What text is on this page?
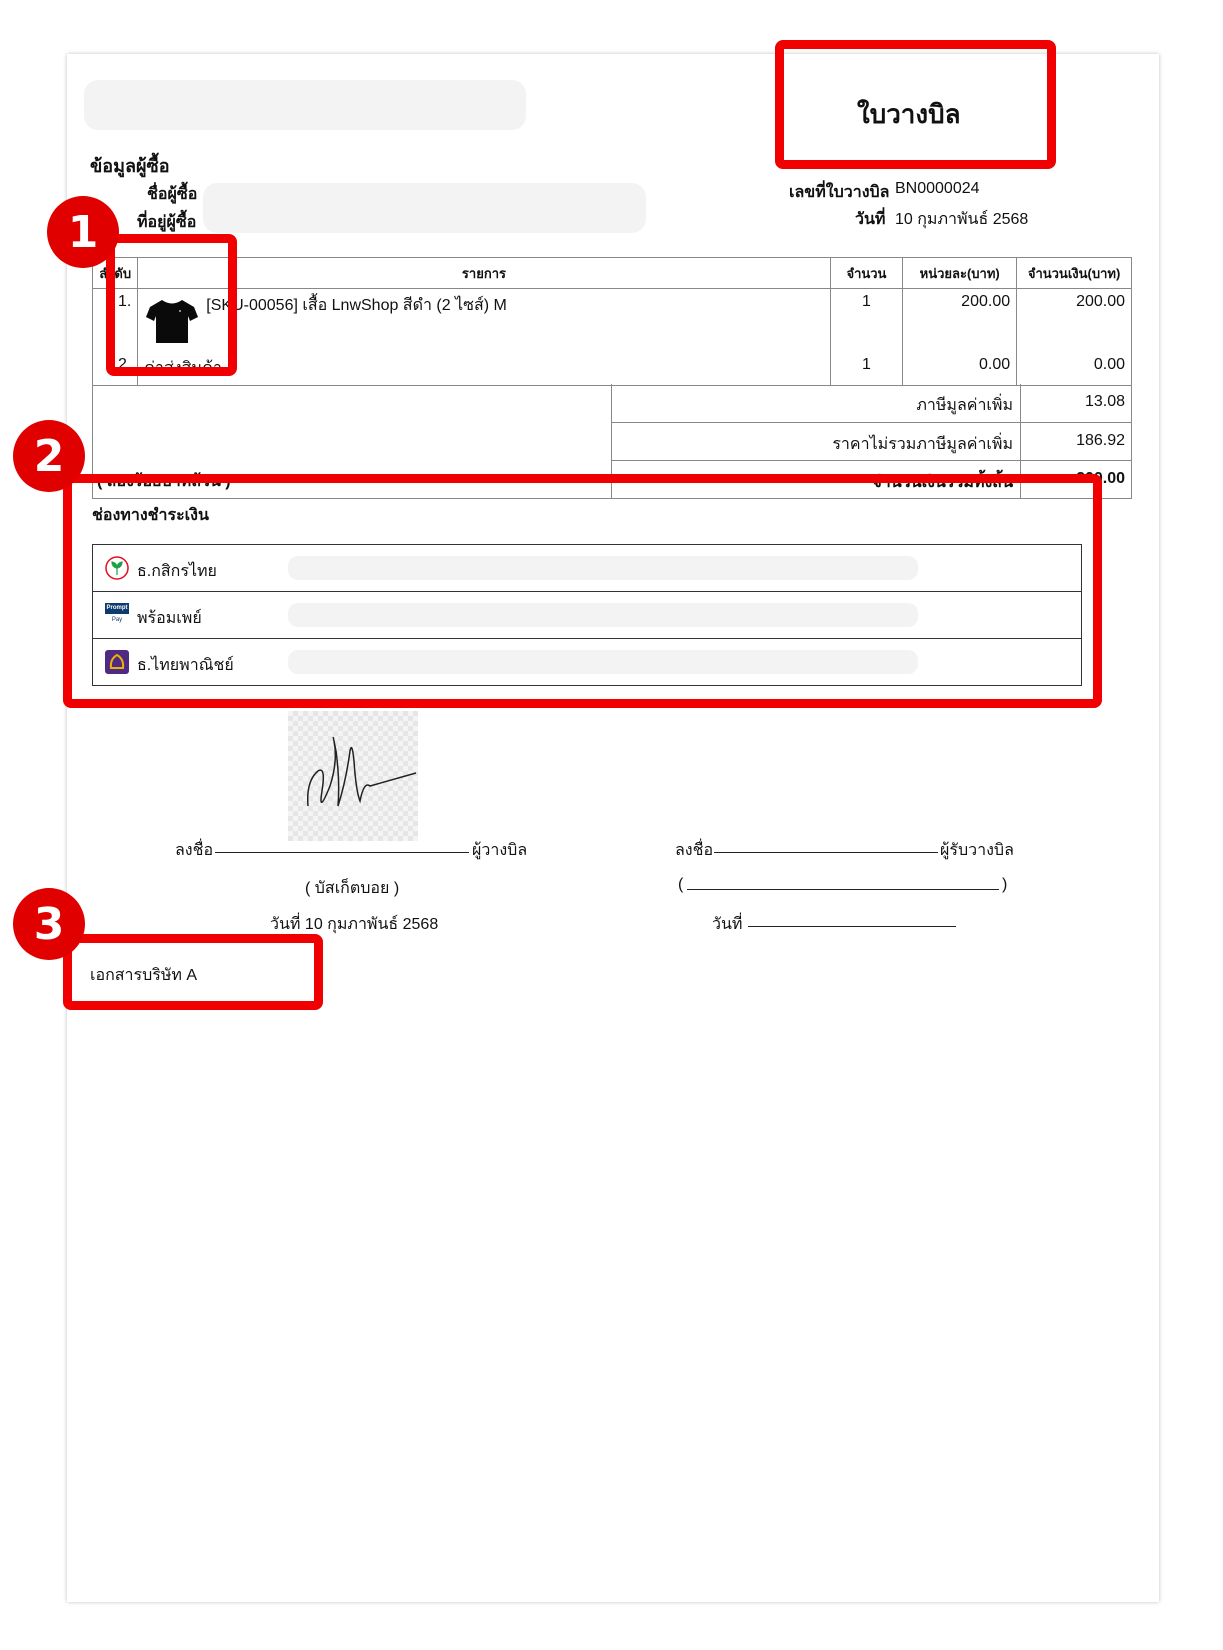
ใบวางบิล
ข้อมูลผู้ซื้อ
ชื่อผู้ซื้อ
ที่อยู่ผู้ซื้อ
เลขที่ใบวางบิล BN0000024
วันที่ 10 กุมภาพันธ์ 2568
ลำดับ	รายการ	จำนวน	หน่วยละ(บาท)	จำนวนเงิน(บาท)
1.	[SKU-00056] เสื้อ LnwShop สีดำ (2 ไซส์) M	1	200.00	200.00
2.	ค่าส่งสินค้า	1	0.00	0.00
ภาษีมูลค่าเพิ่ม	13.08
ราคาไม่รวมภาษีมูลค่าเพิ่ม	186.92
จำนวนเงินรวมทั้งสิ้น	200.00
( สองร้อยบาทถ้วน )
ช่องทางชำระเงิน
ธ.กสิกรไทย
Prompt
Pay พร้อมเพย์
ธ.ไทยพาณิชย์
ลงชื่อ	ผู้วางบิล
( บัสเก็ตบอย )
วันที่ 10 กุมภาพันธ์ 2568
ลงชื่อ	ผู้รับวางบิล
(	)
วันที่
เอกสารบริษัท A
1
2
3
